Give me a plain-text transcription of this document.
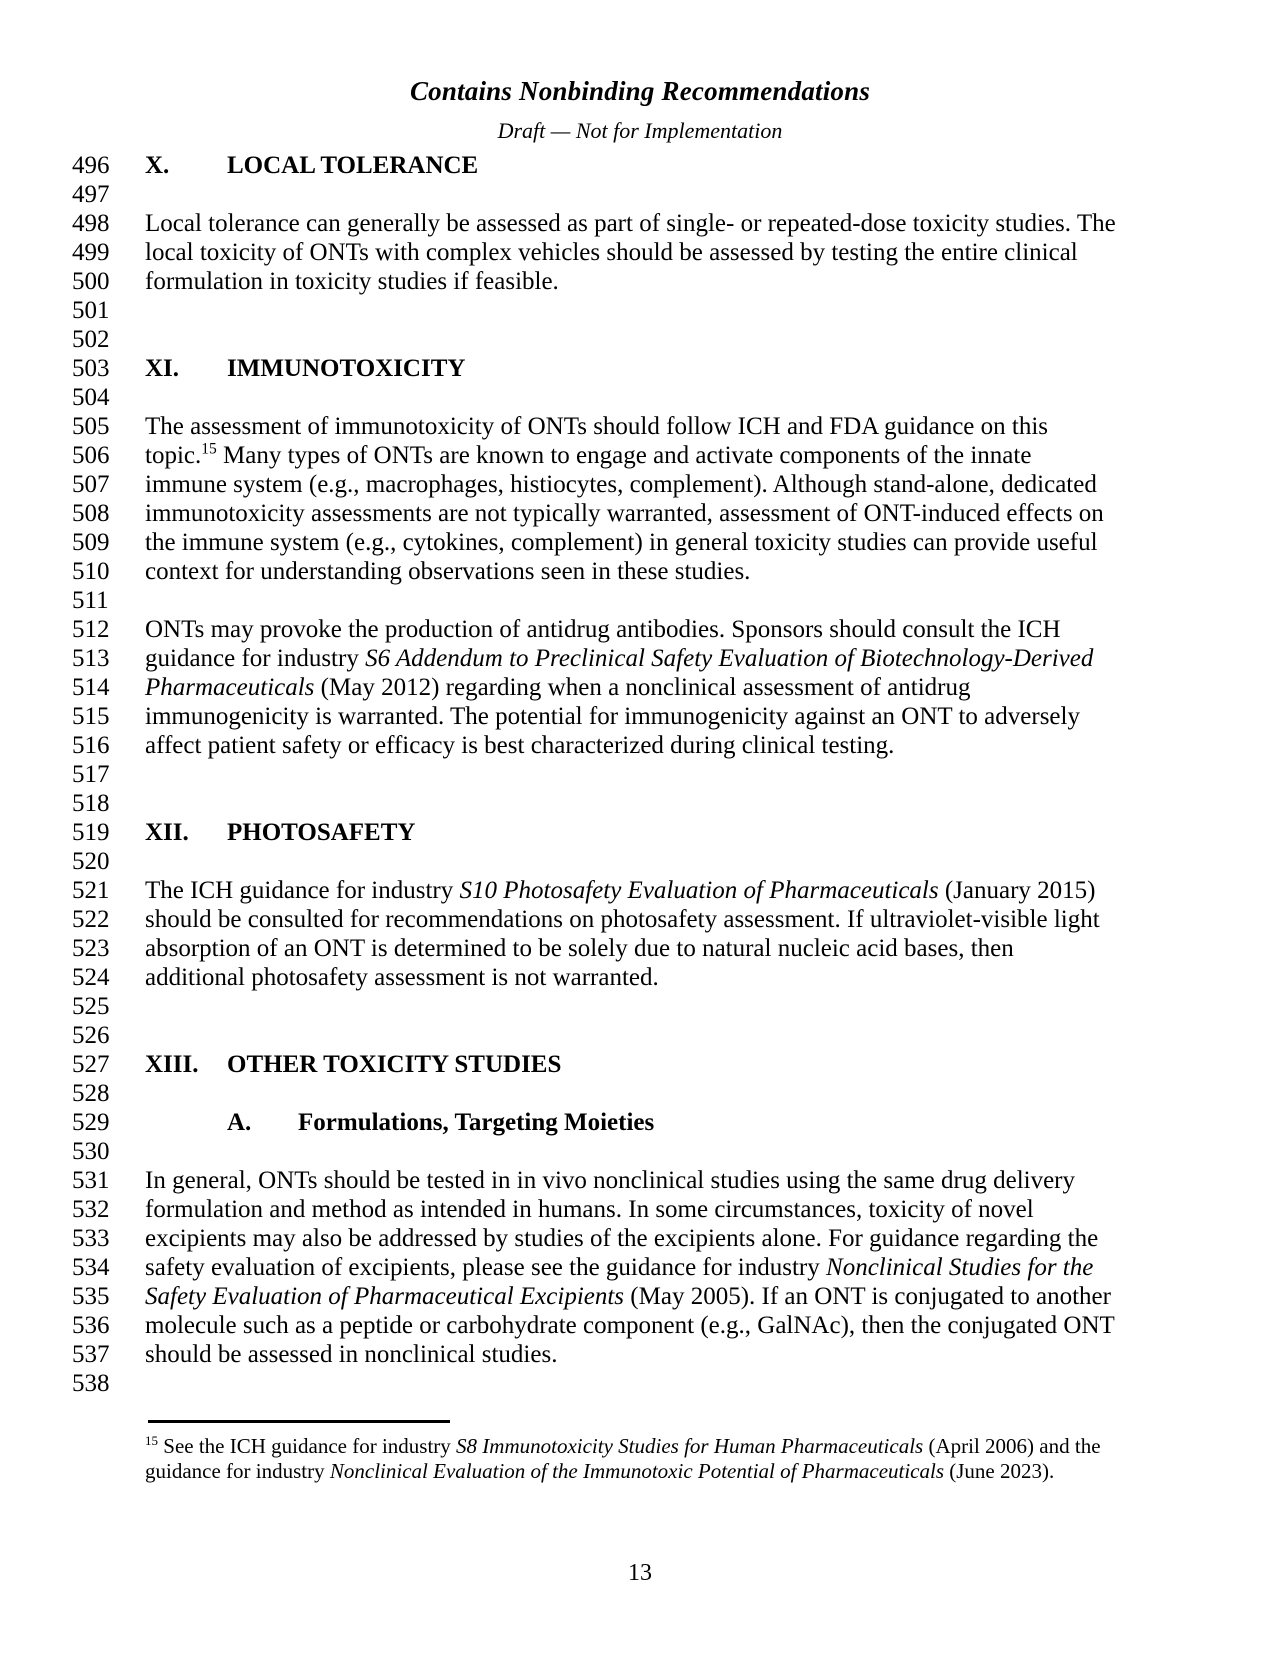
Contains Nonbinding Recommendations
Draft — Not for Implementation
496	X. LOCAL TOLERANCE
497
498	Local tolerance can generally be assessed as part of single- or repeated-dose toxicity studies. The
499	local toxicity of ONTs with complex vehicles should be assessed by testing the entire clinical
500	formulation in toxicity studies if feasible.
501
502
503	XI. IMMUNOTOXICITY
504
505	The assessment of immunotoxicity of ONTs should follow ICH and FDA guidance on this
506	topic.$^{15}$ Many types of ONTs are known to engage and activate components of the innate
507	immune system (e.g., macrophages, histiocytes, complement). Although stand-alone, dedicated
508	immunotoxicity assessments are not typically warranted, assessment of ONT-induced effects on
509	the immune system (e.g., cytokines, complement) in general toxicity studies can provide useful
510	context for understanding observations seen in these studies.
511
512	ONTs may provoke the production of antidrug antibodies. Sponsors should consult the ICH
513	guidance for industry S6 Addendum to Preclinical Safety Evaluation of Biotechnology-Derived
514	Pharmaceuticals (May 2012) regarding when a nonclinical assessment of antidrug
515	immunogenicity is warranted. The potential for immunogenicity against an ONT to adversely
516	affect patient safety or efficacy is best characterized during clinical testing.
517
518
519	XII. PHOTOSAFETY
520
521	The ICH guidance for industry S10 Photosafety Evaluation of Pharmaceuticals (January 2015)
522	should be consulted for recommendations on photosafety assessment. If ultraviolet-visible light
523	absorption of an ONT is determined to be solely due to natural nucleic acid bases, then
524	additional photosafety assessment is not warranted.
525
526
527	XIII. OTHER TOXICITY STUDIES
528
529	A. Formulations, Targeting Moieties
530
531	In general, ONTs should be tested in in vivo nonclinical studies using the same drug delivery
532	formulation and method as intended in humans. In some circumstances, toxicity of novel
533	excipients may also be addressed by studies of the excipients alone. For guidance regarding the
534	safety evaluation of excipients, please see the guidance for industry Nonclinical Studies for the
535	Safety Evaluation of Pharmaceutical Excipients (May 2005). If an ONT is conjugated to another
536	molecule such as a peptide or carbohydrate component (e.g., GalNAc), then the conjugated ONT
537	should be assessed in nonclinical studies.
538
$^{15}$ See the ICH guidance for industry S8 Immunotoxicity Studies for Human Pharmaceuticals (April 2006) and the
guidance for industry Nonclinical Evaluation of the Immunotoxic Potential of Pharmaceuticals (June 2023).
13
